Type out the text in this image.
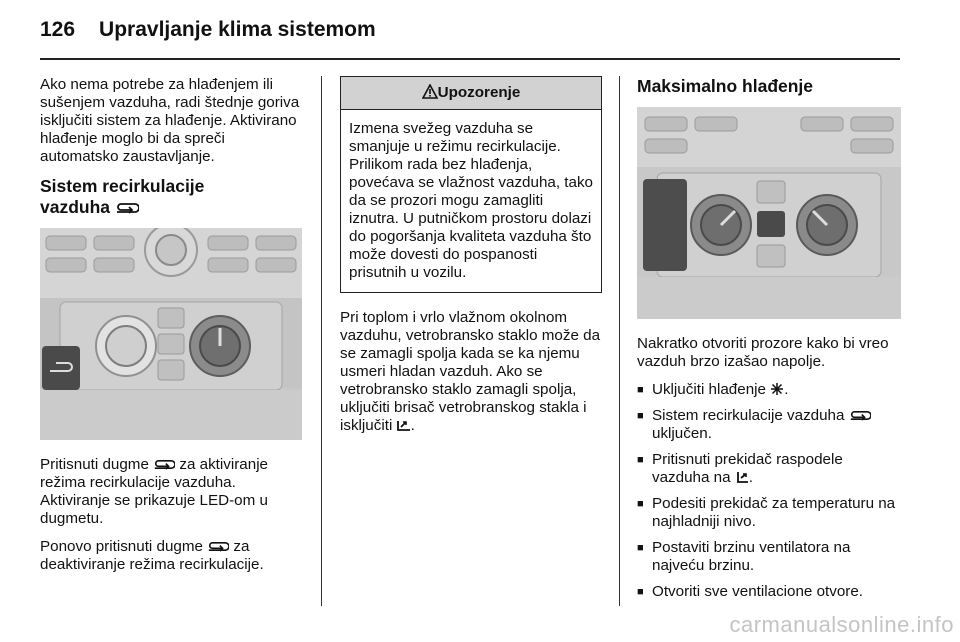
126 Upravljanje klima sistemom

Ako nema potrebe za hlađenjem ili sušenjem vazduha, radi štednje goriva isključiti sistem za hlađenje. Aktivirano hlađenje moglo bi da spreči automatsko zaustavljanje.

Sistem recirkulacije
vazduha

Pritisnuti dugme za aktiviranje režima recirkulacije vazduha.
Aktiviranje se prikazuje LED-om u dugmetu.

Ponovo pritisnuti dugme za deaktiviranje režima recirkulacije.

Upozorenje
Izmena svežeg vazduha se smanjuje u režimu recirkulacije. Prilikom rada bez hlađenja, povećava se vlažnost vazduha, tako da se prozori mogu zamagliti iznutra. U putničkom prostoru dolazi do pogoršanja kvaliteta vazduha što može dovesti do pospanosti prisutnih u vozilu.

Pri toplom i vrlo vlažnom okolnom vazduhu, vetrobransko staklo može da se zamagli spolja kada se ka njemu usmeri hladan vazduh. Ako se vetrobransko staklo zamagli spolja, uključiti brisač vetrobranskog stakla i isključiti .

Maksimalno hlađenje

Nakratko otvoriti prozore kako bi vreo vazduh brzo izašao napolje.

■ Uključiti hlađenje .
■ Sistem recirkulacije vazduha  uključen.
■ Pritisnuti prekidač raspodele vazduha na .
■ Podesiti prekidač za temperaturu na najhladniji nivo.
■ Postaviti brzinu ventilatora na najveću brzinu.
■ Otvoriti sve ventilacione otvore.
carmanualsonline.info
